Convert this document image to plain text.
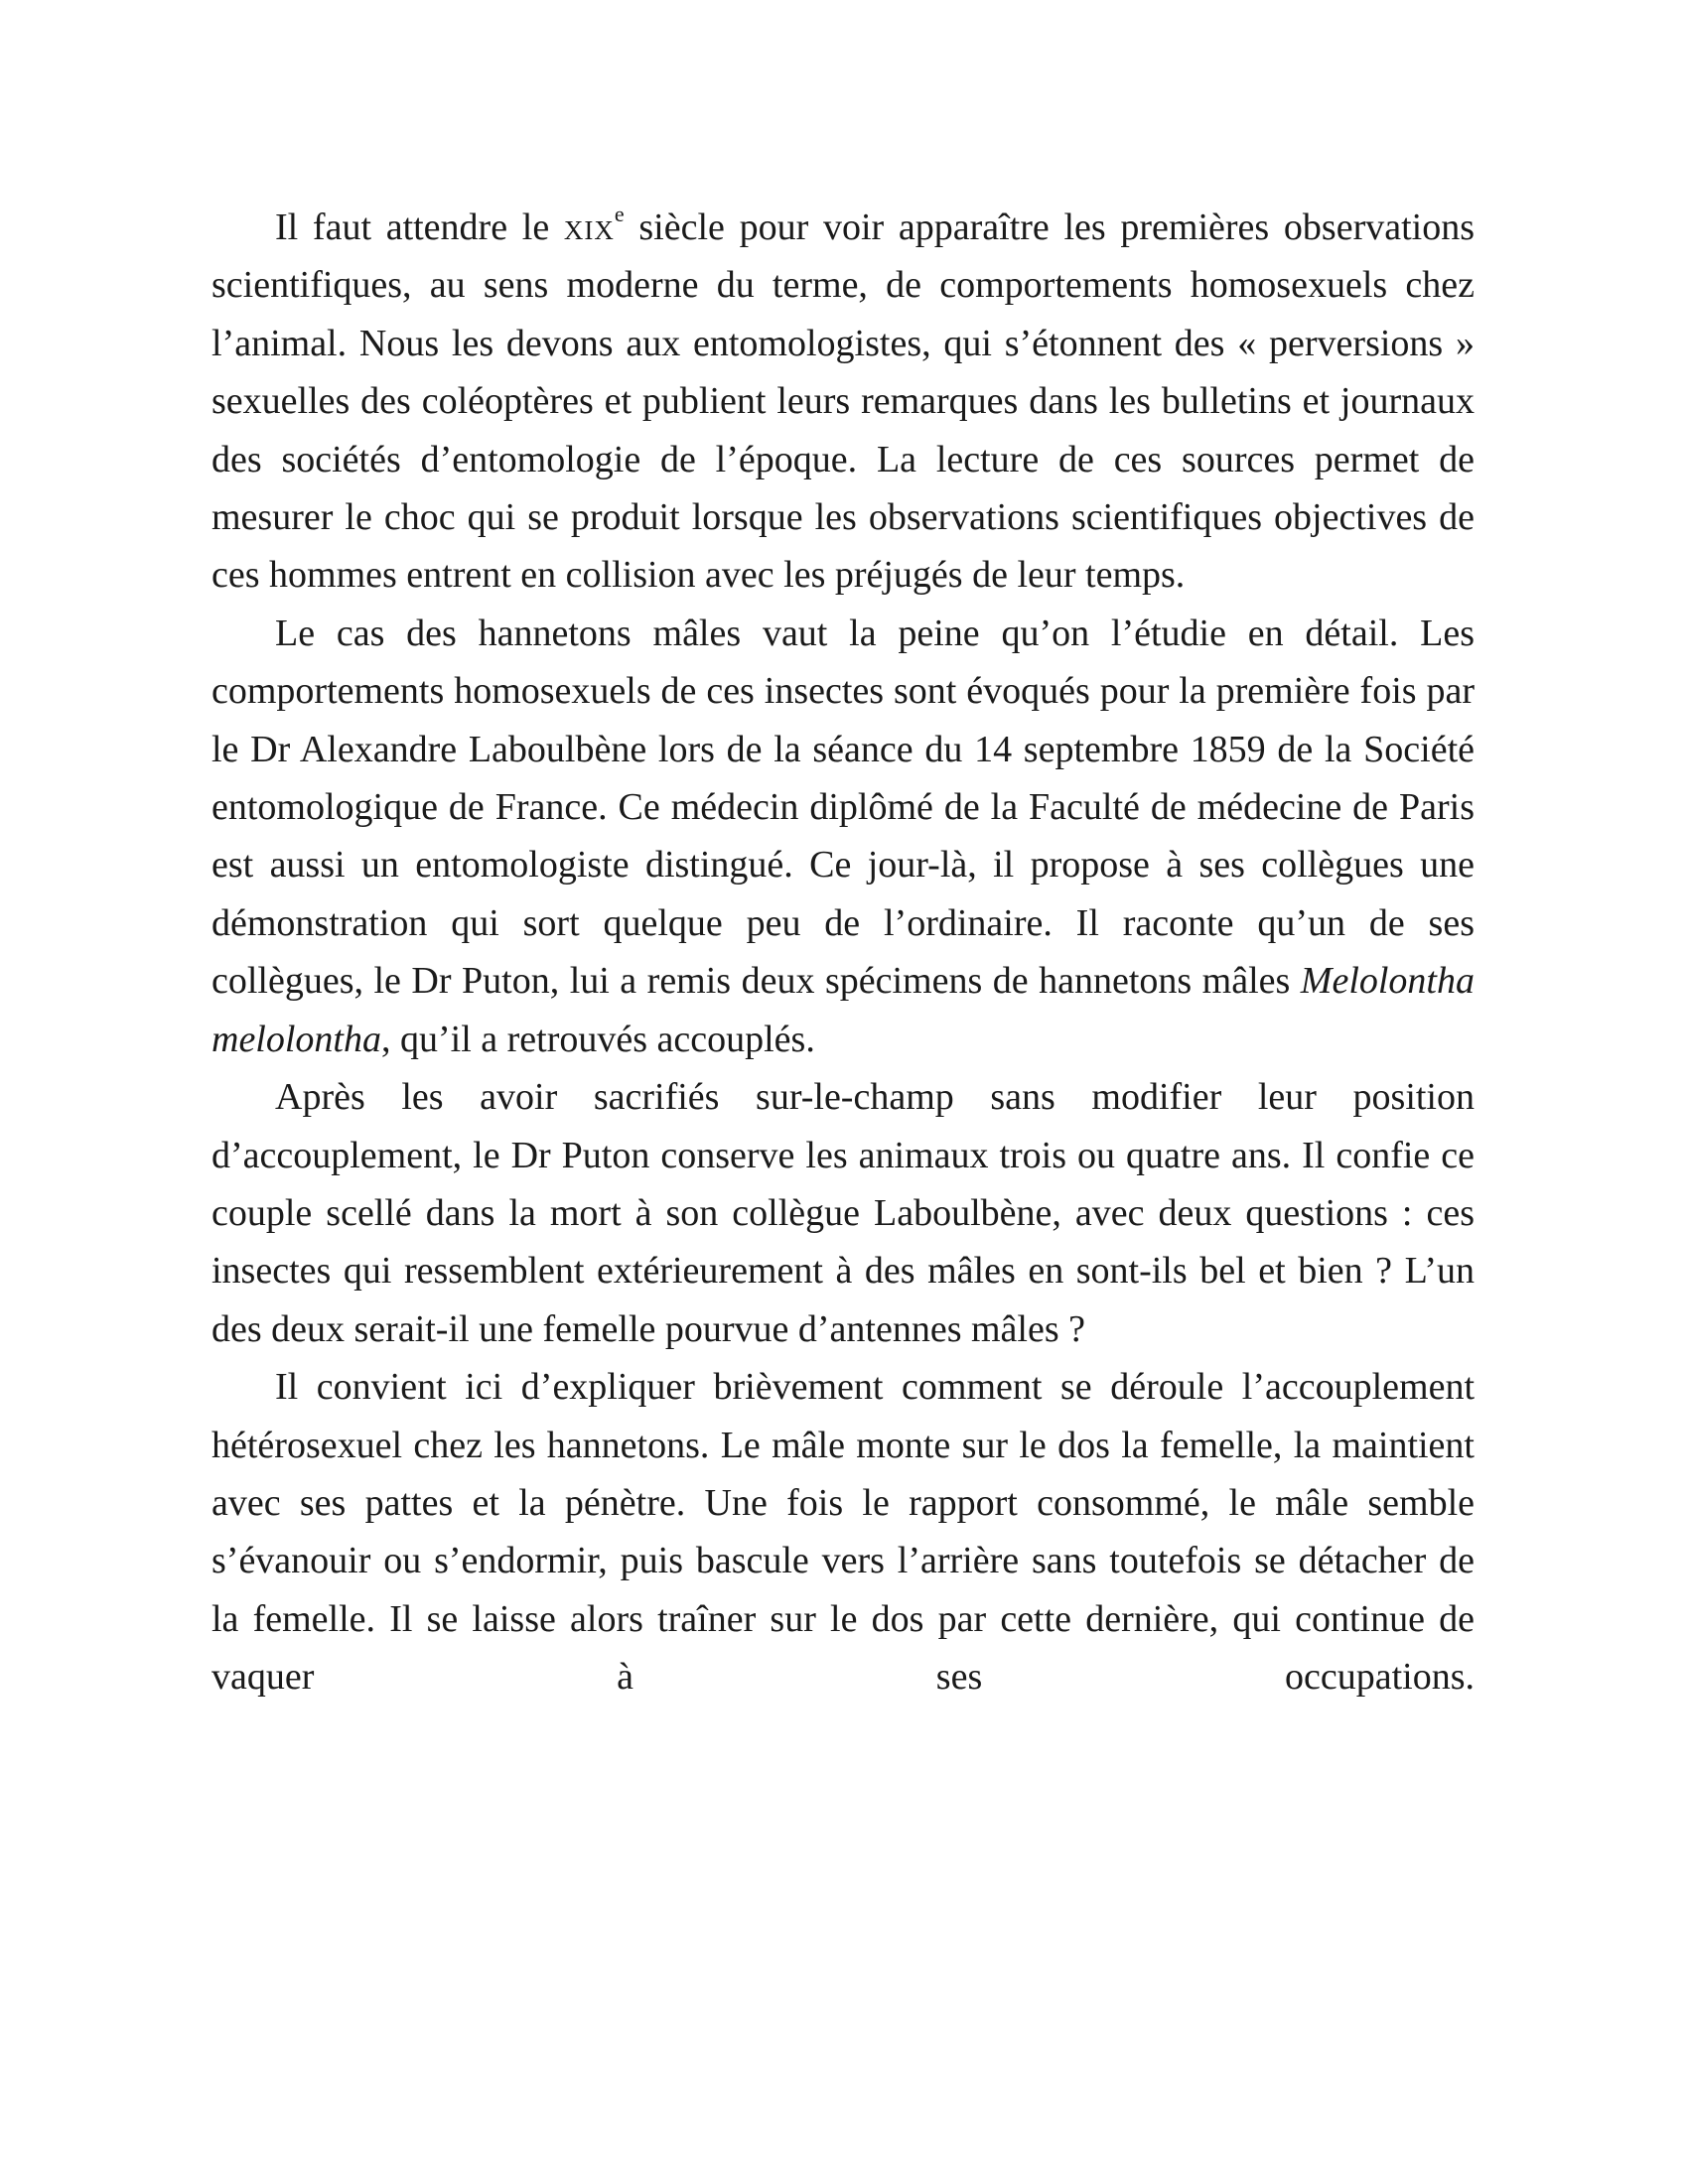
Il faut attendre le xix$^e$ siècle pour voir apparaître les premières observations scientifiques, au sens moderne du terme, de comportements homosexuels chez l’animal. Nous les devons aux entomologistes, qui s’étonnent des « perversions » sexuelles des coléoptères et publient leurs remarques dans les bulletins et journaux des sociétés d’entomologie de l’époque. La lecture de ces sources permet de mesurer le choc qui se produit lorsque les observations scientifiques objectives de ces hommes entrent en collision avec les préjugés de leur temps.

Le cas des hannetons mâles vaut la peine qu’on l’étudie en détail. Les comportements homosexuels de ces insectes sont évoqués pour la première fois par le Dr Alexandre Laboulbène lors de la séance du 14 septembre 1859 de la Société entomologique de France. Ce médecin diplômé de la Faculté de médecine de Paris est aussi un entomologiste distingué. Ce jour-là, il propose à ses collègues une démonstration qui sort quelque peu de l’ordinaire. Il raconte qu’un de ses collègues, le Dr Puton, lui a remis deux spécimens de hannetons mâles Melolontha melolontha, qu’il a retrouvés accouplés.

Après les avoir sacrifiés sur-le-champ sans modifier leur position d’accouplement, le Dr Puton conserve les animaux trois ou quatre ans. Il confie ce couple scellé dans la mort à son collègue Laboulbène, avec deux questions : ces insectes qui ressemblent extérieurement à des mâles en sont-ils bel et bien ? L’un des deux serait-il une femelle pourvue d’antennes mâles ?

Il convient ici d’expliquer brièvement comment se déroule l’accouplement hétérosexuel chez les hannetons. Le mâle monte sur le dos la femelle, la maintient avec ses pattes et la pénètre. Une fois le rapport consommé, le mâle semble s’évanouir ou s’endormir, puis bascule vers l’arrière sans toutefois se détacher de la femelle. Il se laisse alors traîner sur le dos par cette dernière, qui continue de vaquer à ses occupations.
